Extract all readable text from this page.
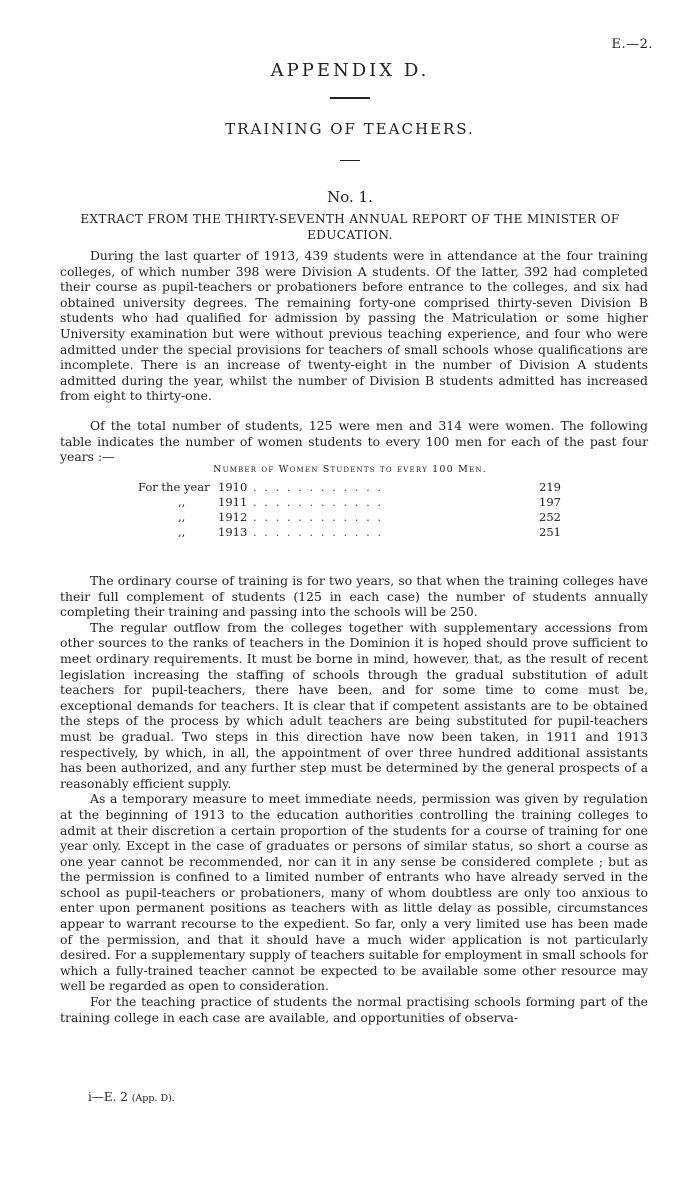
E.—2.
APPENDIX D.
TRAINING OF TEACHERS.
No. 1.
EXTRACT FROM THE THIRTY-SEVENTH ANNUAL REPORT OF THE MINISTER OF EDUCATION.

During the last quarter of 1913, 439 students were in attendance at the four training colleges, of which number 398 were Division A students. Of the latter, 392 had completed their course as pupil-teachers or probationers before entrance to the colleges, and six had obtained university degrees. The remaining forty-one comprised thirty-seven Division B students who had qualified for admission by passing the Matriculation or some higher University examination but were without previous teaching experience, and four who were admitted under the special provisions for teachers of small schools whose qualifications are incomplete. There is an increase of twenty-eight in the number of Division A students admitted during the year, whilst the number of Division B students admitted has increased from eight to thirty-one.

Of the total number of students, 125 were men and 314 were women. The following table indicates the number of women students to every 100 men for each of the past four years :—

Number of Women Students to every 100 Men.
For the year 1910 . . . . . . . . . . . .	219
,,	1911 . . . . . . . . . . . .	197
,,	1912 . . . . . . . . . . . .	252
,,	1913 . . . . . . . . . . . .	251

The ordinary course of training is for two years, so that when the training colleges have their full complement of students (125 in each case) the number of students annually completing their training and passing into the schools will be 250.

The regular outflow from the colleges together with supplementary accessions from other sources to the ranks of teachers in the Dominion it is hoped should prove sufficient to meet ordinary requirements. It must be borne in mind, however, that, as the result of recent legislation increasing the staffing of schools through the gradual substitution of adult teachers for pupil-teachers, there have been, and for some time to come must be, exceptional demands for teachers. It is clear that if competent assistants are to be obtained the steps of the process by which adult teachers are being substituted for pupil-teachers must be gradual. Two steps in this direction have now been taken, in 1911 and 1913 respectively, by which, in all, the appointment of over three hundred additional assistants has been authorized, and any further step must be determined by the general prospects of a reasonably efficient supply.

As a temporary measure to meet immediate needs, permission was given by regulation at the beginning of 1913 to the education authorities controlling the training colleges to admit at their discretion a certain proportion of the students for a course of training for one year only. Except in the case of graduates or persons of similar status, so short a course as one year cannot be recommended, nor can it in any sense be considered complete ; but as the permission is confined to a limited number of entrants who have already served in the school as pupil-teachers or probationers, many of whom doubtless are only too anxious to enter upon permanent positions as teachers with as little delay as possible, circumstances appear to warrant recourse to the expedient. So far, only a very limited use has been made of the permission, and that it should have a much wider application is not particularly desired. For a supplementary supply of teachers suitable for employment in small schools for which a fully-trained teacher cannot be expected to be available some other resource may well be regarded as open to consideration.

For the teaching practice of students the normal practising schools forming part of the training college in each case are available, and opportunities of observa-

i—E. 2 (App. D).
